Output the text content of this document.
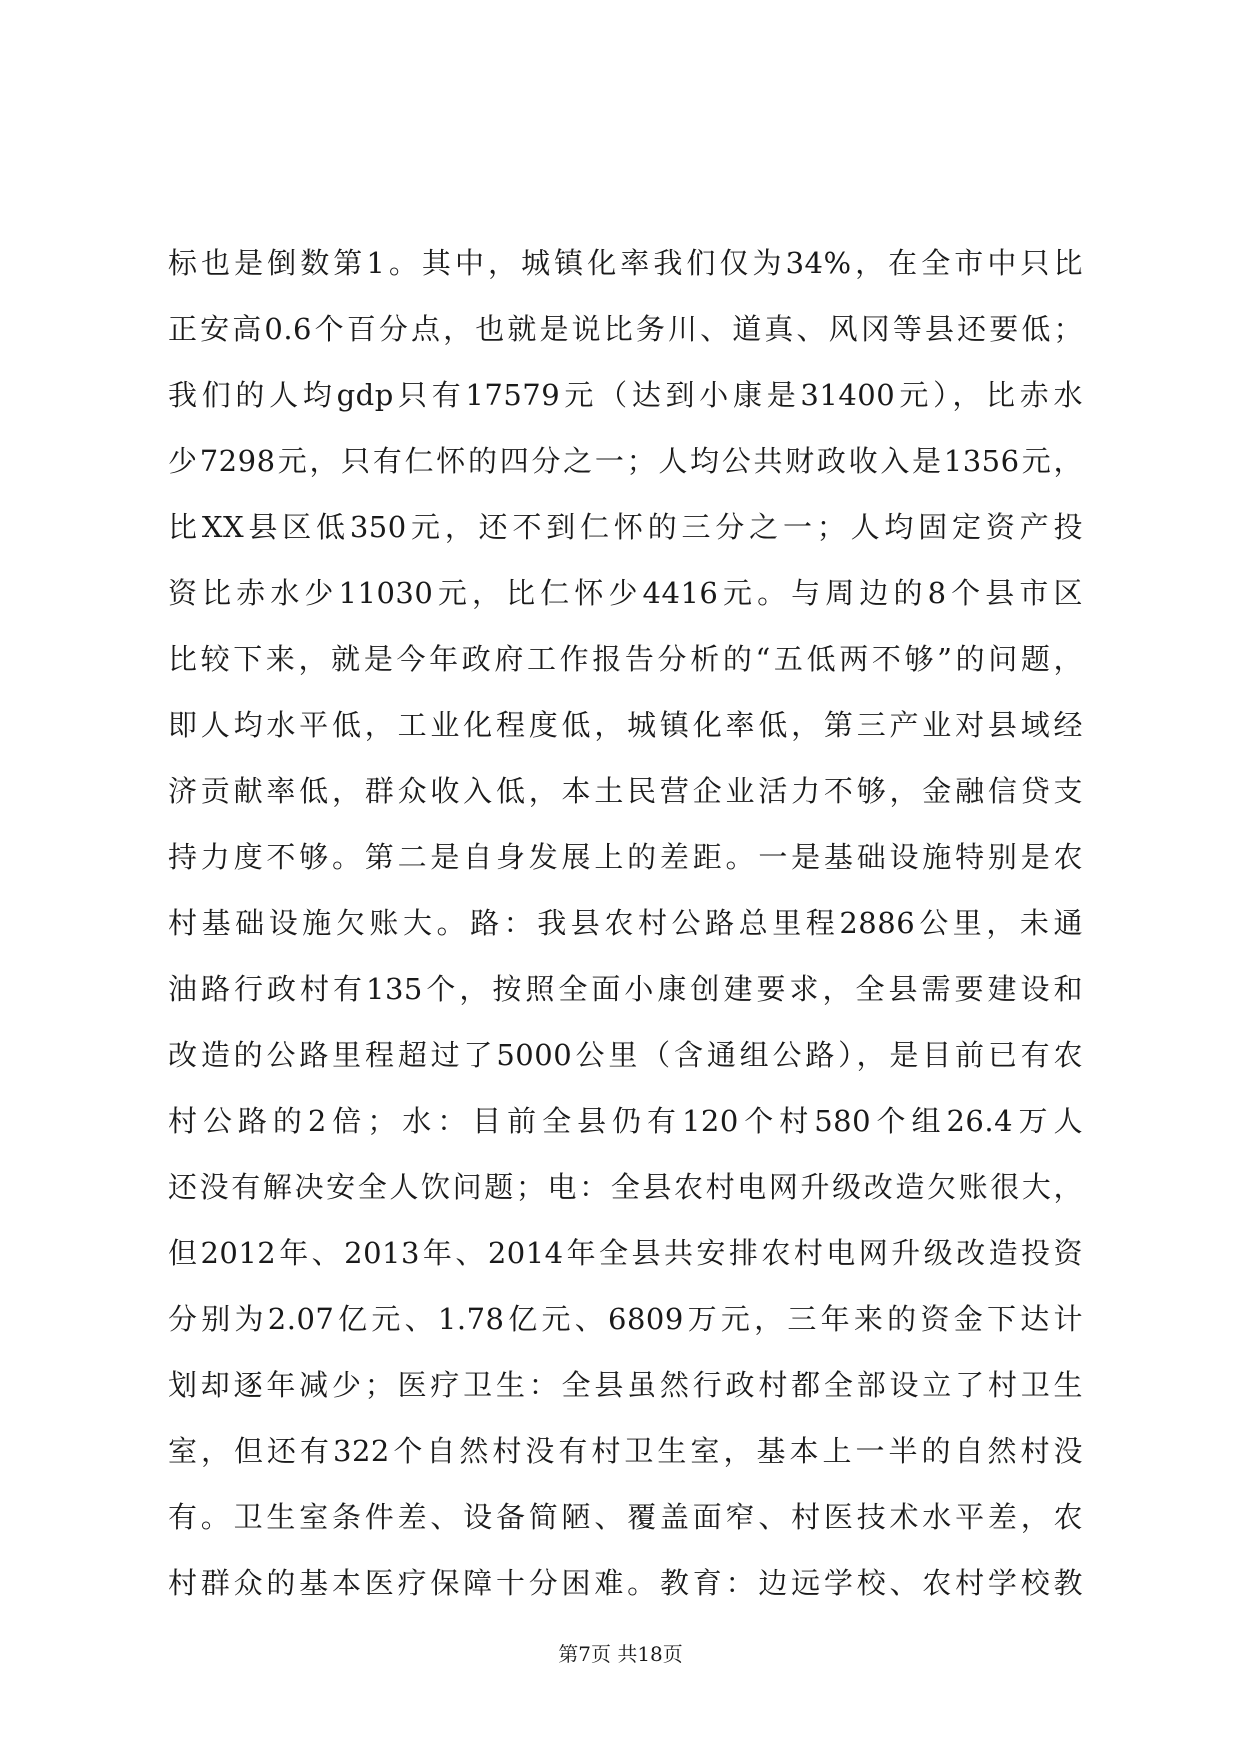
标也是倒数第1。其中，城镇化率我们仅为34%，在全市中只比
正安高0.6个百分点，也就是说比务川、道真、风冈等县还要低；
我们的人均gdp只有17579元（达到小康是31400元），比赤水
少7298元，只有仁怀的四分之一；人均公共财政收入是1356元，
比XX县区低350元，还不到仁怀的三分之一；人均固定资产投
资比赤水少11030元，比仁怀少4416元。与周边的8个县市区
比较下来，就是今年政府工作报告分析的“五低两不够”的问题，
即人均水平低，工业化程度低，城镇化率低，第三产业对县域经
济贡献率低，群众收入低，本土民营企业活力不够，金融信贷支
持力度不够。第二是自身发展上的差距。一是基础设施特别是农
村基础设施欠账大。路：我县农村公路总里程2886公里，未通
油路行政村有135个，按照全面小康创建要求，全县需要建设和
改造的公路里程超过了5000公里（含通组公路），是目前已有农
村公路的2倍；水：目前全县仍有120个村580个组26.4万人
还没有解决安全人饮问题；电：全县农村电网升级改造欠账很大，
但2012年、2013年、2014年全县共安排农村电网升级改造投资
分别为2.07亿元、1.78亿元、6809万元，三年来的资金下达计
划却逐年减少；医疗卫生：全县虽然行政村都全部设立了村卫生
室，但还有322个自然村没有村卫生室，基本上一半的自然村没
有。卫生室条件差、设备简陋、覆盖面窄、村医技术水平差，农
村群众的基本医疗保障十分困难。教育：边远学校、农村学校教
第7页 共18页
